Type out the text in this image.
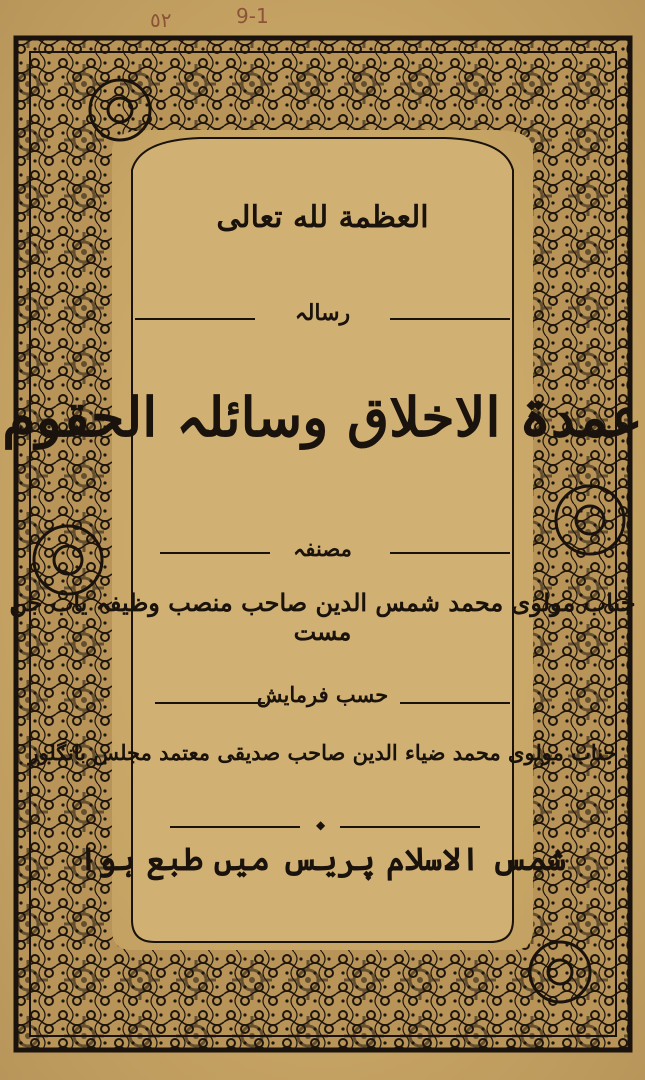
٥٢	9-1
العظمة لله تعالی
رسالہ
عمدۃ الاخلاق وسائلہ الحقوم
مصنفہ
جناب مولوی محمد شمس الدین صاحب منصب وظیفہ یاب جن مست
حسب فرمایش
جناب مولوی محمد ضیاء الدین صاحب صدیقی معتمد مجلس بانگلور
◆
شمس الاسلام پریس میں طبع ہوا
